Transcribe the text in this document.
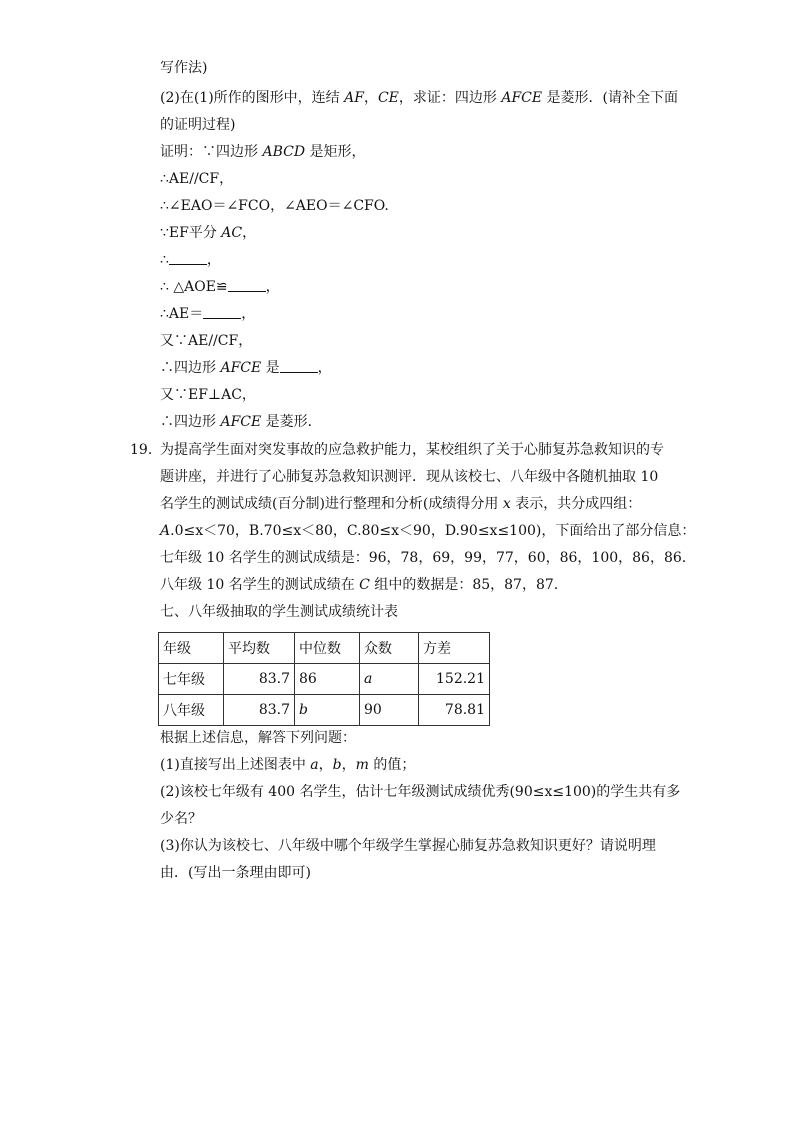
写作法)
(2)在(1)所作的图形中，连结 AF，CE，求证：四边形 AFCE 是菱形．(请补全下面
的证明过程)
证明：∵四边形 ABCD 是矩形，
∴AE//CF，
∴∠EAO＝∠FCO，∠AEO＝∠CFO.
∵EF平分 AC，
∴	，
∴ △AOE≌	，
∴AE＝	，
又∵AE//CF，
∴四边形 AFCE 是	，
又∵EF⊥AC，
∴四边形 AFCE 是菱形．
19. 为提高学生面对突发事故的应急救护能力，某校组织了关于心肺复苏急救知识的专
题讲座，并进行了心肺复苏急救知识测评．现从该校七、八年级中各随机抽取 10
名学生的测试成绩(百分制)进行整理和分析(成绩得分用 x 表示，共分成四组：
A.0≤x＜70，B.70≤x＜80，C.80≤x＜90，D.90≤x≤100)，下面给出了部分信息：
七年级 10 名学生的测试成绩是：96，78，69，99，77，60，86，100，86，86.
八年级 10 名学生的测试成绩在 C 组中的数据是：85，87，87.
七、八年级抽取的学生测试成绩统计表
年级	平均数	中位数	众数	方差
七年级	83.7	86	a	152.21
八年级	83.7	b	90	78.81
根据上述信息，解答下列问题：
(1)直接写出上述图表中 a，b，m 的值；
(2)该校七年级有 400 名学生，估计七年级测试成绩优秀(90≤x≤100)的学生共有多
少名？
(3)你认为该校七、八年级中哪个年级学生掌握心肺复苏急救知识更好？请说明理
由．(写出一条理由即可)
